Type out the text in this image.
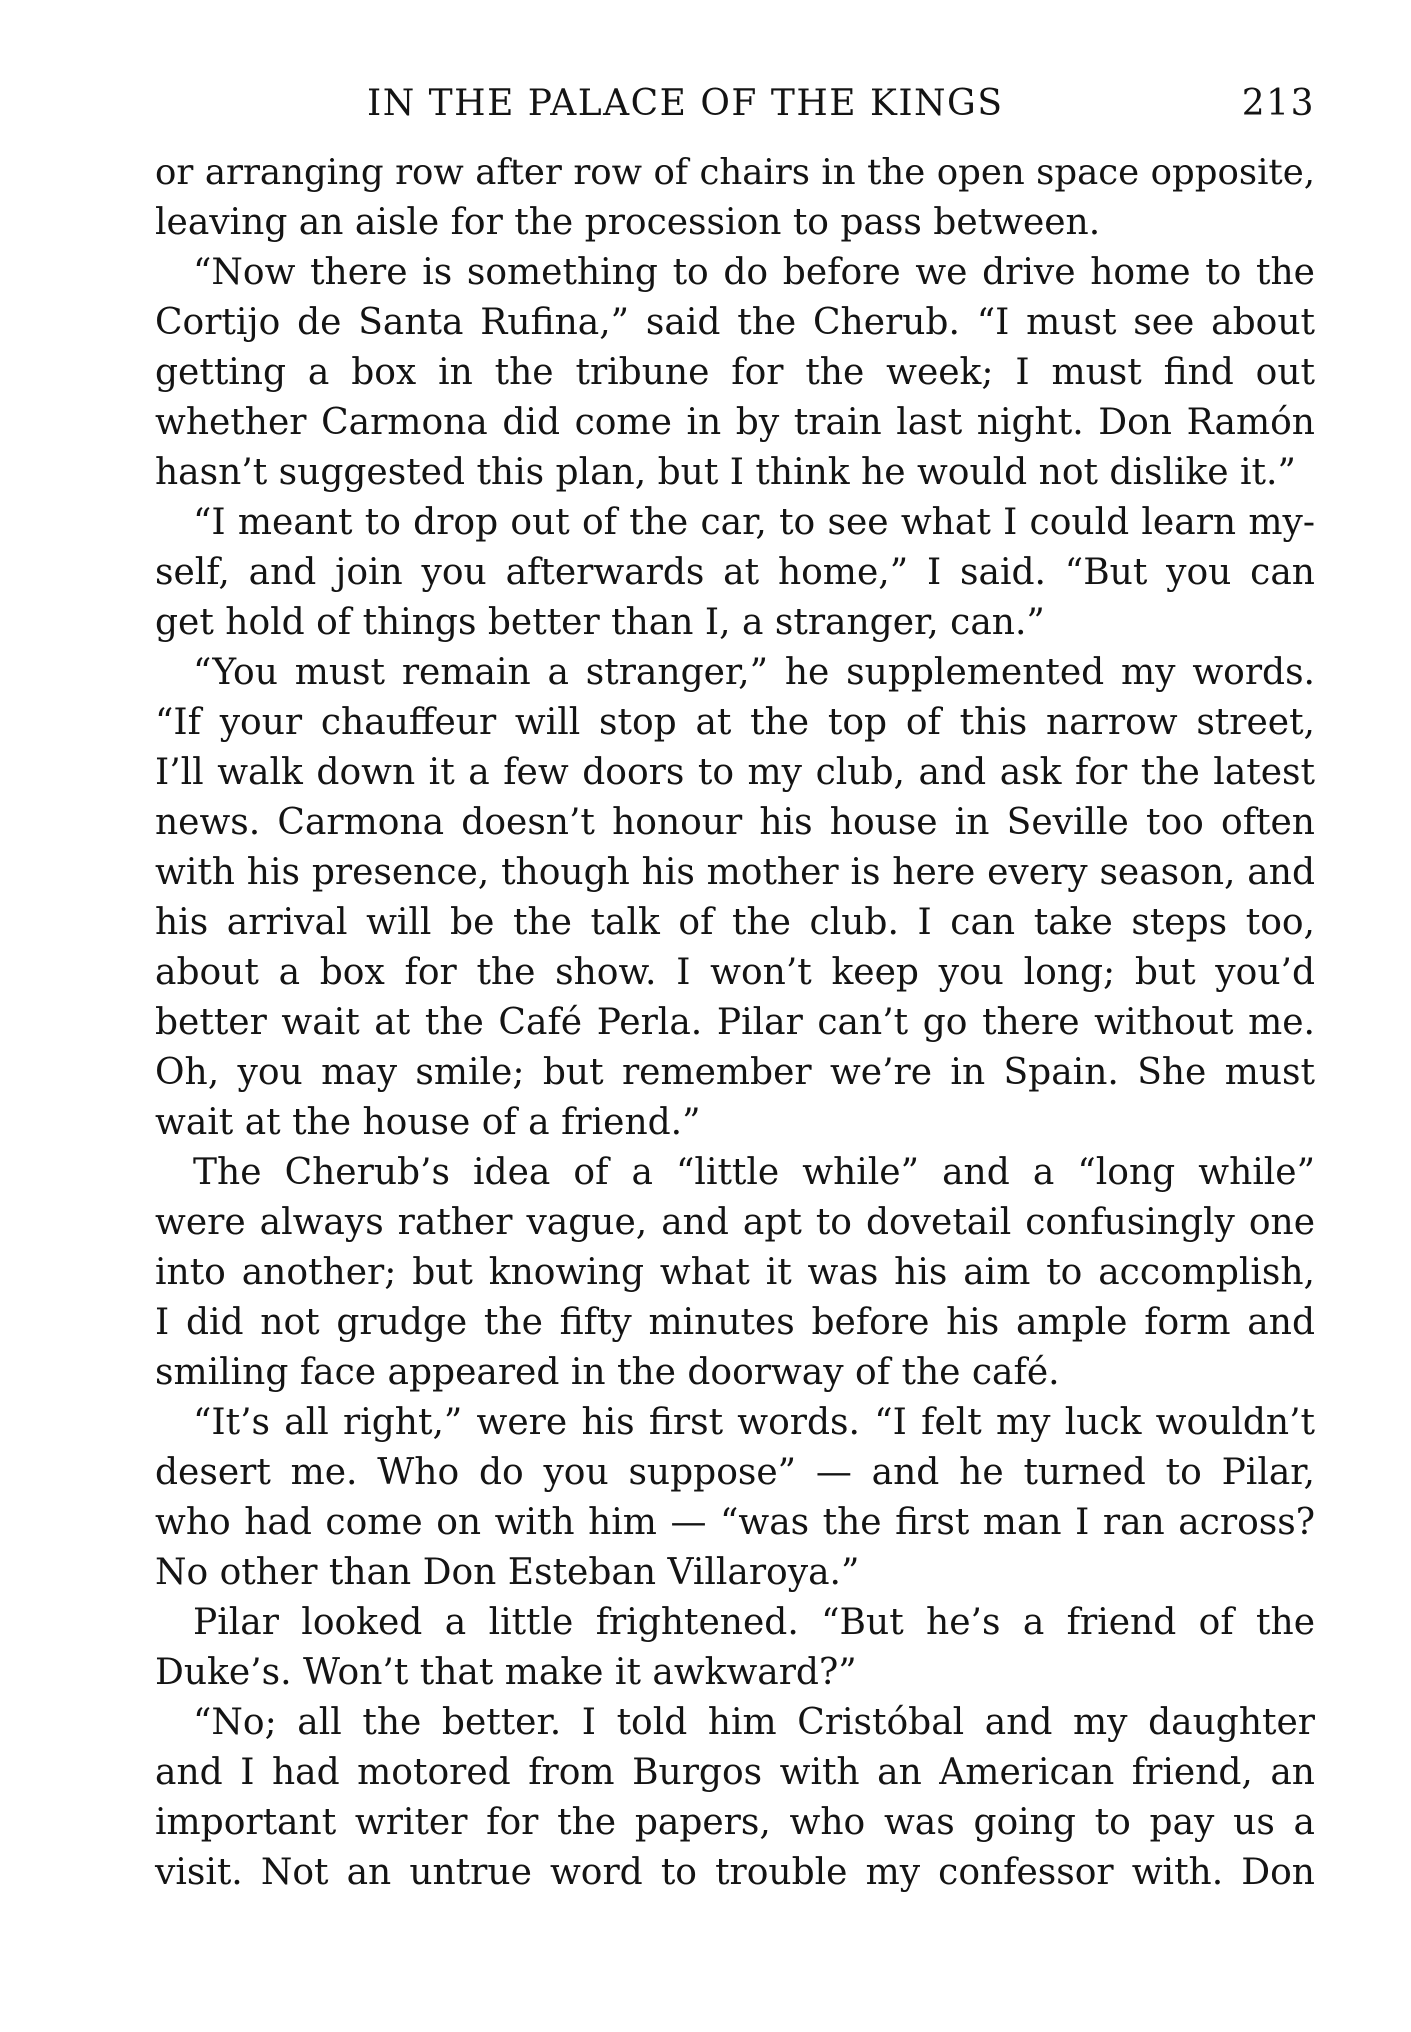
IN THE PALACE OF THE KINGS	213
or arranging row after row of chairs in the open space opposite,
leaving an aisle for the procession to pass between.
“Now there is something to do before we drive home to the
Cortijo de Santa Rufina,” said the Cherub. “I must see about
getting a box in the tribune for the week; I must find out
whether Carmona did come in by train last night. Don Ramón
hasn’t suggested this plan, but I think he would not dislike it.”
“I meant to drop out of the car, to see what I could learn my-
self, and join you afterwards at home,” I said. “But you can
get hold of things better than I, a stranger, can.”
“You must remain a stranger,” he supplemented my words.
“If your chauffeur will stop at the top of this narrow street,
I’ll walk down it a few doors to my club, and ask for the latest
news. Carmona doesn’t honour his house in Seville too often
with his presence, though his mother is here every season, and
his arrival will be the talk of the club. I can take steps too,
about a box for the show. I won’t keep you long; but you’d
better wait at the Café Perla. Pilar can’t go there without me.
Oh, you may smile; but remember we’re in Spain. She must
wait at the house of a friend.”
The Cherub’s idea of a “little while” and a “long while”
were always rather vague, and apt to dovetail confusingly one
into another; but knowing what it was his aim to accomplish,
I did not grudge the fifty minutes before his ample form and
smiling face appeared in the doorway of the café.
“It’s all right,” were his first words. “I felt my luck wouldn’t
desert me. Who do you suppose” — and he turned to Pilar,
who had come on with him — “was the first man I ran across?
No other than Don Esteban Villaroya.”
Pilar looked a little frightened. “But he’s a friend of the
Duke’s. Won’t that make it awkward?”
“No; all the better. I told him Cristóbal and my daughter
and I had motored from Burgos with an American friend, an
important writer for the papers, who was going to pay us a
visit. Not an untrue word to trouble my confessor with. Don
